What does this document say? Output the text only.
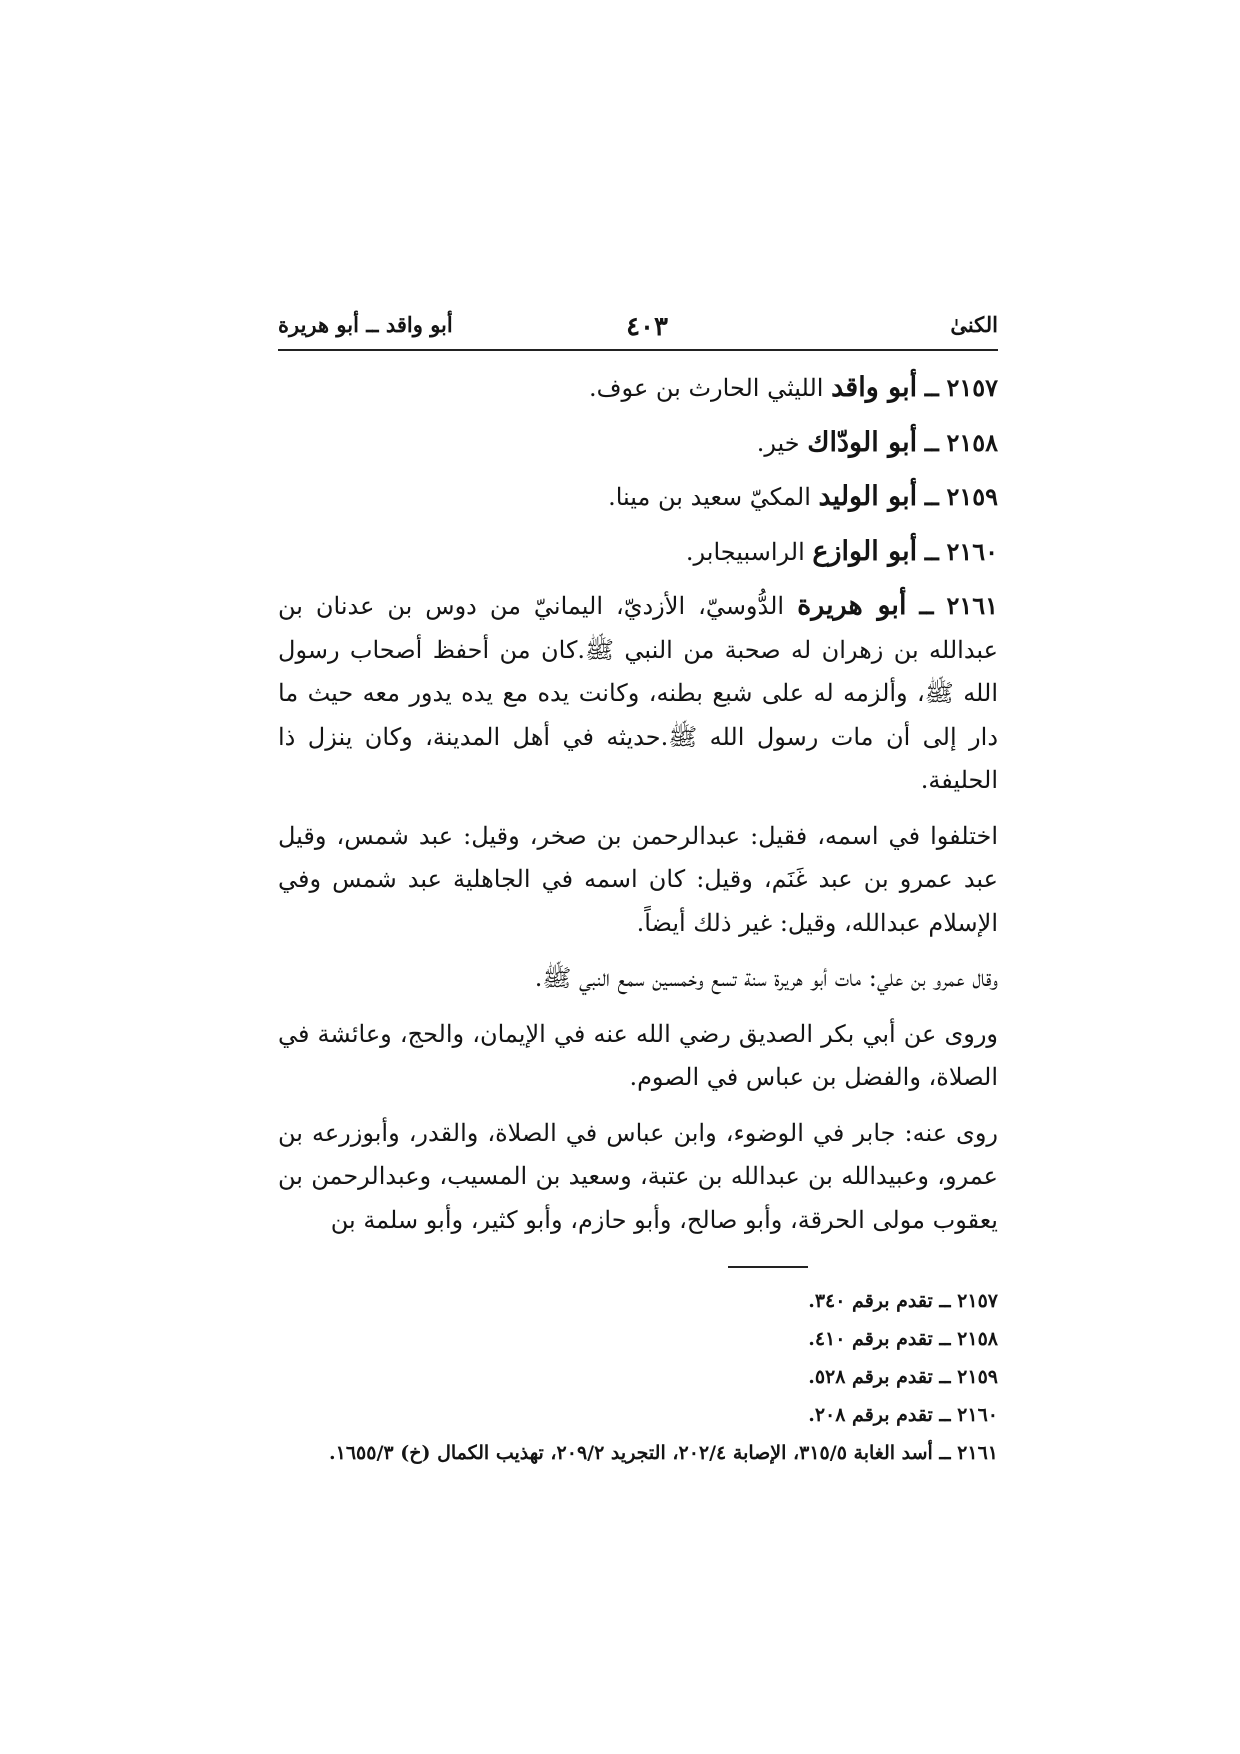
الكنىٰ
٤٠٣
أبو واقد ــ أبو هريرة
٢١٥٧ ــ أبو واقد الليثي الحارث بن عوف.
٢١٥٨ ــ أبو الودّاك خير.
٢١٥٩ ــ أبو الوليد المكيّ سعيد بن مينا.
٢١٦٠ ــ أبو الوازع الراسبيجابر.
٢١٦١ ــ أبو هريرة الدُّوسيّ، الأزديّ، اليمانيّ من دوس بن عدنان بن عبدالله بن زهران له صحبة من النبي ﷺ.كان من أحفظ أصحاب رسول الله ﷺ، وألزمه له على شبع بطنه، وكانت يده مع يده يدور معه حيث ما دار إلى أن مات رسول الله ﷺ.حديثه في أهل المدينة، وكان ينزل ذا الحليفة.
اختلفوا في اسمه، فقيل: عبدالرحمن بن صخر، وقيل: عبد شمس، وقيل عبد عمرو بن عبد غَنَم، وقيل: كان اسمه في الجاهلية عبد شمس وفي الإسلام عبدالله، وقيل: غير ذلك أيضاً.
وقال عمرو بن علي: مات أبو هريرة سنة تسع وخمسين سمع النبي ﷺ.
وروى عن أبي بكر الصديق رضي الله عنه في الإيمان، والحج، وعائشة في الصلاة، والفضل بن عباس في الصوم.
روى عنه: جابر في الوضوء، وابن عباس في الصلاة، والقدر، وأبوزرعه بن عمرو، وعبيدالله بن عبدالله بن عتبة، وسعيد بن المسيب، وعبدالرحمن بن يعقوب مولى الحرقة، وأبو صالح، وأبو حازم، وأبو كثير، وأبو سلمة بن
٢١٥٧ ــ تقدم برقم ٣٤٠.
٢١٥٨ ــ تقدم برقم ٤١٠.
٢١٥٩ ــ تقدم برقم ٥٢٨.
٢١٦٠ ــ تقدم برقم ٢٠٨.
٢١٦١ ــ أسد الغابة ٣١٥/٥، الإصابة ٢٠٢/٤، التجريد ٢٠٩/٢، تهذيب الكمال (خ) ١٦٥٥/٣.
